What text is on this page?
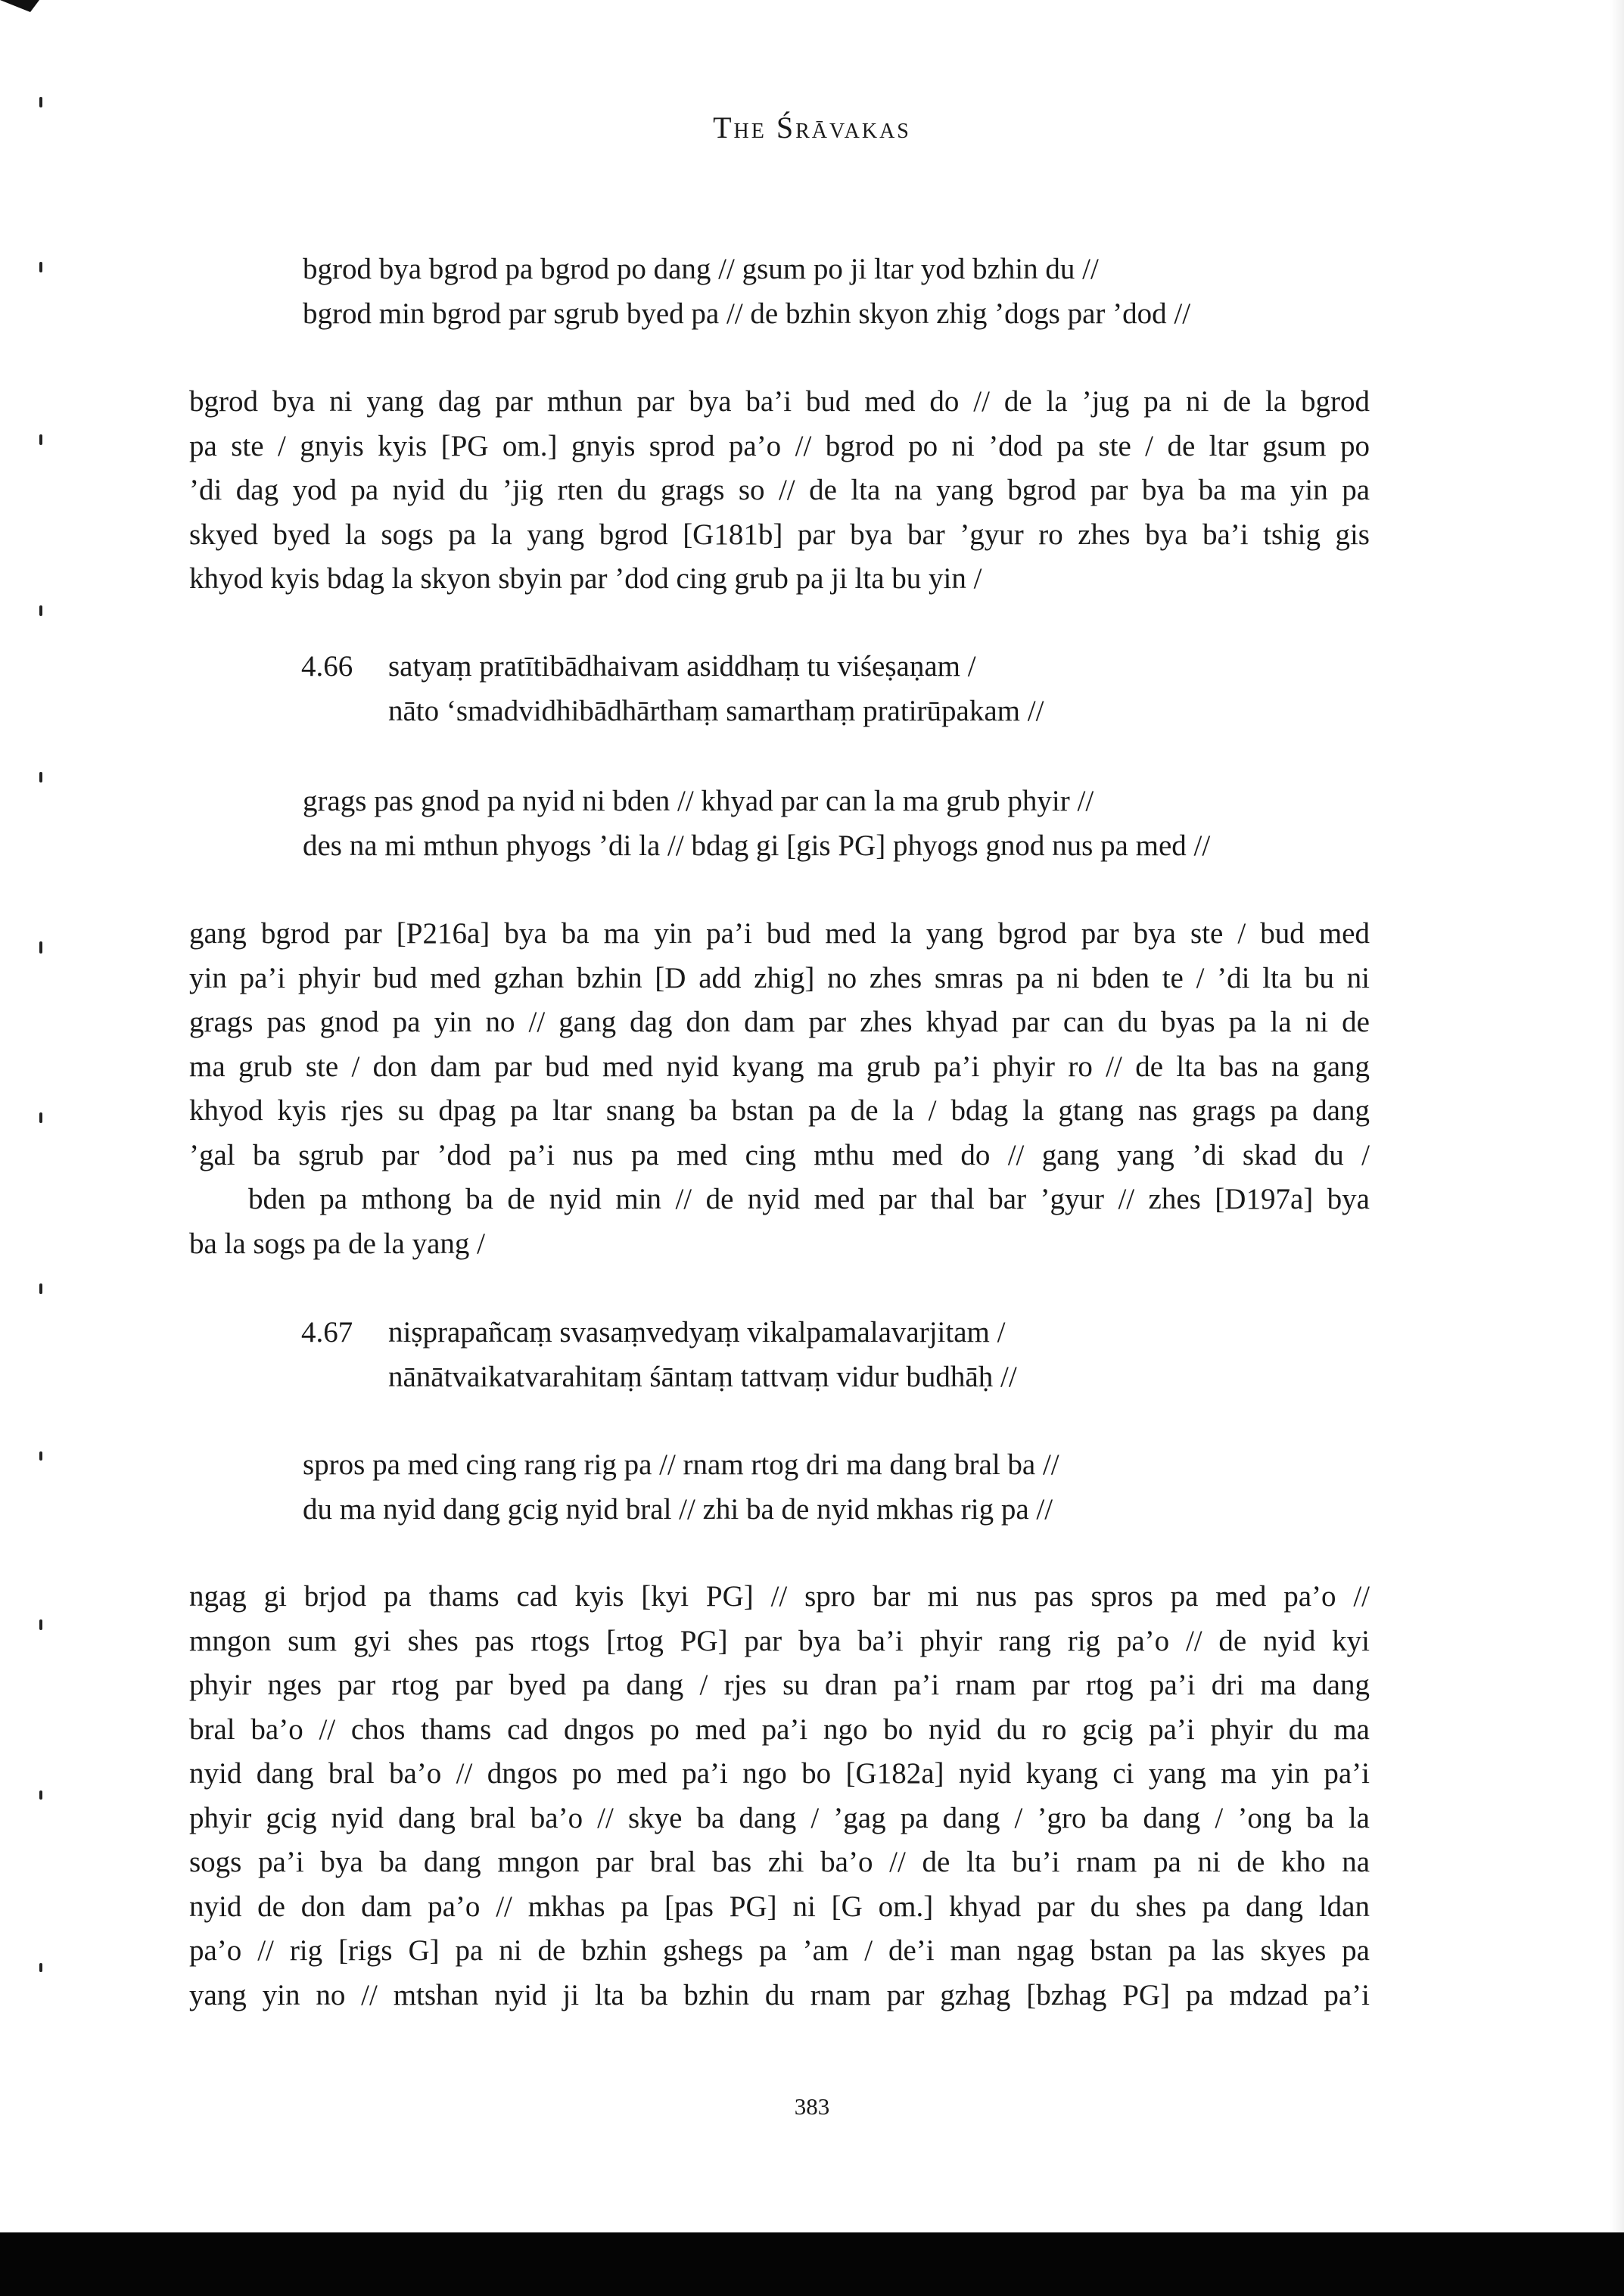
The Śrāvakas
bgrod bya bgrod pa bgrod po dang // gsum po ji ltar yod bzhin du //
bgrod min bgrod par sgrub byed pa // de bzhin skyon zhig ’dogs par ’dod //
bgrod bya ni yang dag par mthun par bya ba’i bud med do // de la ’jug pa ni de la bgrod
pa ste / gnyis kyis [PG om.] gnyis sprod pa’o // bgrod po ni ’dod pa ste / de ltar gsum po
’di dag yod pa nyid du ’jig rten du grags so // de lta na yang bgrod par bya ba ma yin pa
skyed byed la sogs pa la yang bgrod [G181b] par bya bar ’gyur ro zhes bya ba’i tshig gis
khyod kyis bdag la skyon sbyin par ’dod cing grub pa ji lta bu yin /
4.66	satyaṃ pratītibādhaivam asiddhaṃ tu viśeṣaṇam /
nāto ‘smadvidhibādhārthaṃ samarthaṃ pratirūpakam //
grags pas gnod pa nyid ni bden // khyad par can la ma grub phyir //
des na mi mthun phyogs ’di la // bdag gi [gis PG] phyogs gnod nus pa med //
gang bgrod par [P216a] bya ba ma yin pa’i bud med la yang bgrod par bya ste / bud med
yin pa’i phyir bud med gzhan bzhin [D add zhig] no zhes smras pa ni bden te / ’di lta bu ni
grags pas gnod pa yin no // gang dag don dam par zhes khyad par can du byas pa la ni de
ma grub ste / don dam par bud med nyid kyang ma grub pa’i phyir ro // de lta bas na gang
khyod kyis rjes su dpag pa ltar snang ba bstan pa de la / bdag la gtang nas grags pa dang
’gal ba sgrub par ’dod pa’i nus pa med cing mthu med do // gang yang ’di skad du /
bden pa mthong ba de nyid min // de nyid med par thal bar ’gyur // zhes [D197a] bya
ba la sogs pa de la yang /
4.67	niṣprapañcaṃ svasaṃvedyaṃ vikalpamalavarjitam /
nānātvaikatvarahitaṃ śāntaṃ tattvaṃ vidur budhāḥ //
spros pa med cing rang rig pa // rnam rtog dri ma dang bral ba //
du ma nyid dang gcig nyid bral // zhi ba de nyid mkhas rig pa //
ngag gi brjod pa thams cad kyis [kyi PG] // spro bar mi nus pas spros pa med pa’o //
mngon sum gyi shes pas rtogs [rtog PG] par bya ba’i phyir rang rig pa’o // de nyid kyi
phyir nges par rtog par byed pa dang / rjes su dran pa’i rnam par rtog pa’i dri ma dang
bral ba’o // chos thams cad dngos po med pa’i ngo bo nyid du ro gcig pa’i phyir du ma
nyid dang bral ba’o // dngos po med pa’i ngo bo [G182a] nyid kyang ci yang ma yin pa’i
phyir gcig nyid dang bral ba’o // skye ba dang / ’gag pa dang / ’gro ba dang / ’ong ba la
sogs pa’i bya ba dang mngon par bral bas zhi ba’o // de lta bu’i rnam pa ni de kho na
nyid de don dam pa’o // mkhas pa [pas PG] ni [G om.] khyad par du shes pa dang ldan
pa’o // rig [rigs G] pa ni de bzhin gshegs pa ’am / de’i man ngag bstan pa las skyes pa
yang yin no // mtshan nyid ji lta ba bzhin du rnam par gzhag [bzhag PG] pa mdzad pa’i
383
